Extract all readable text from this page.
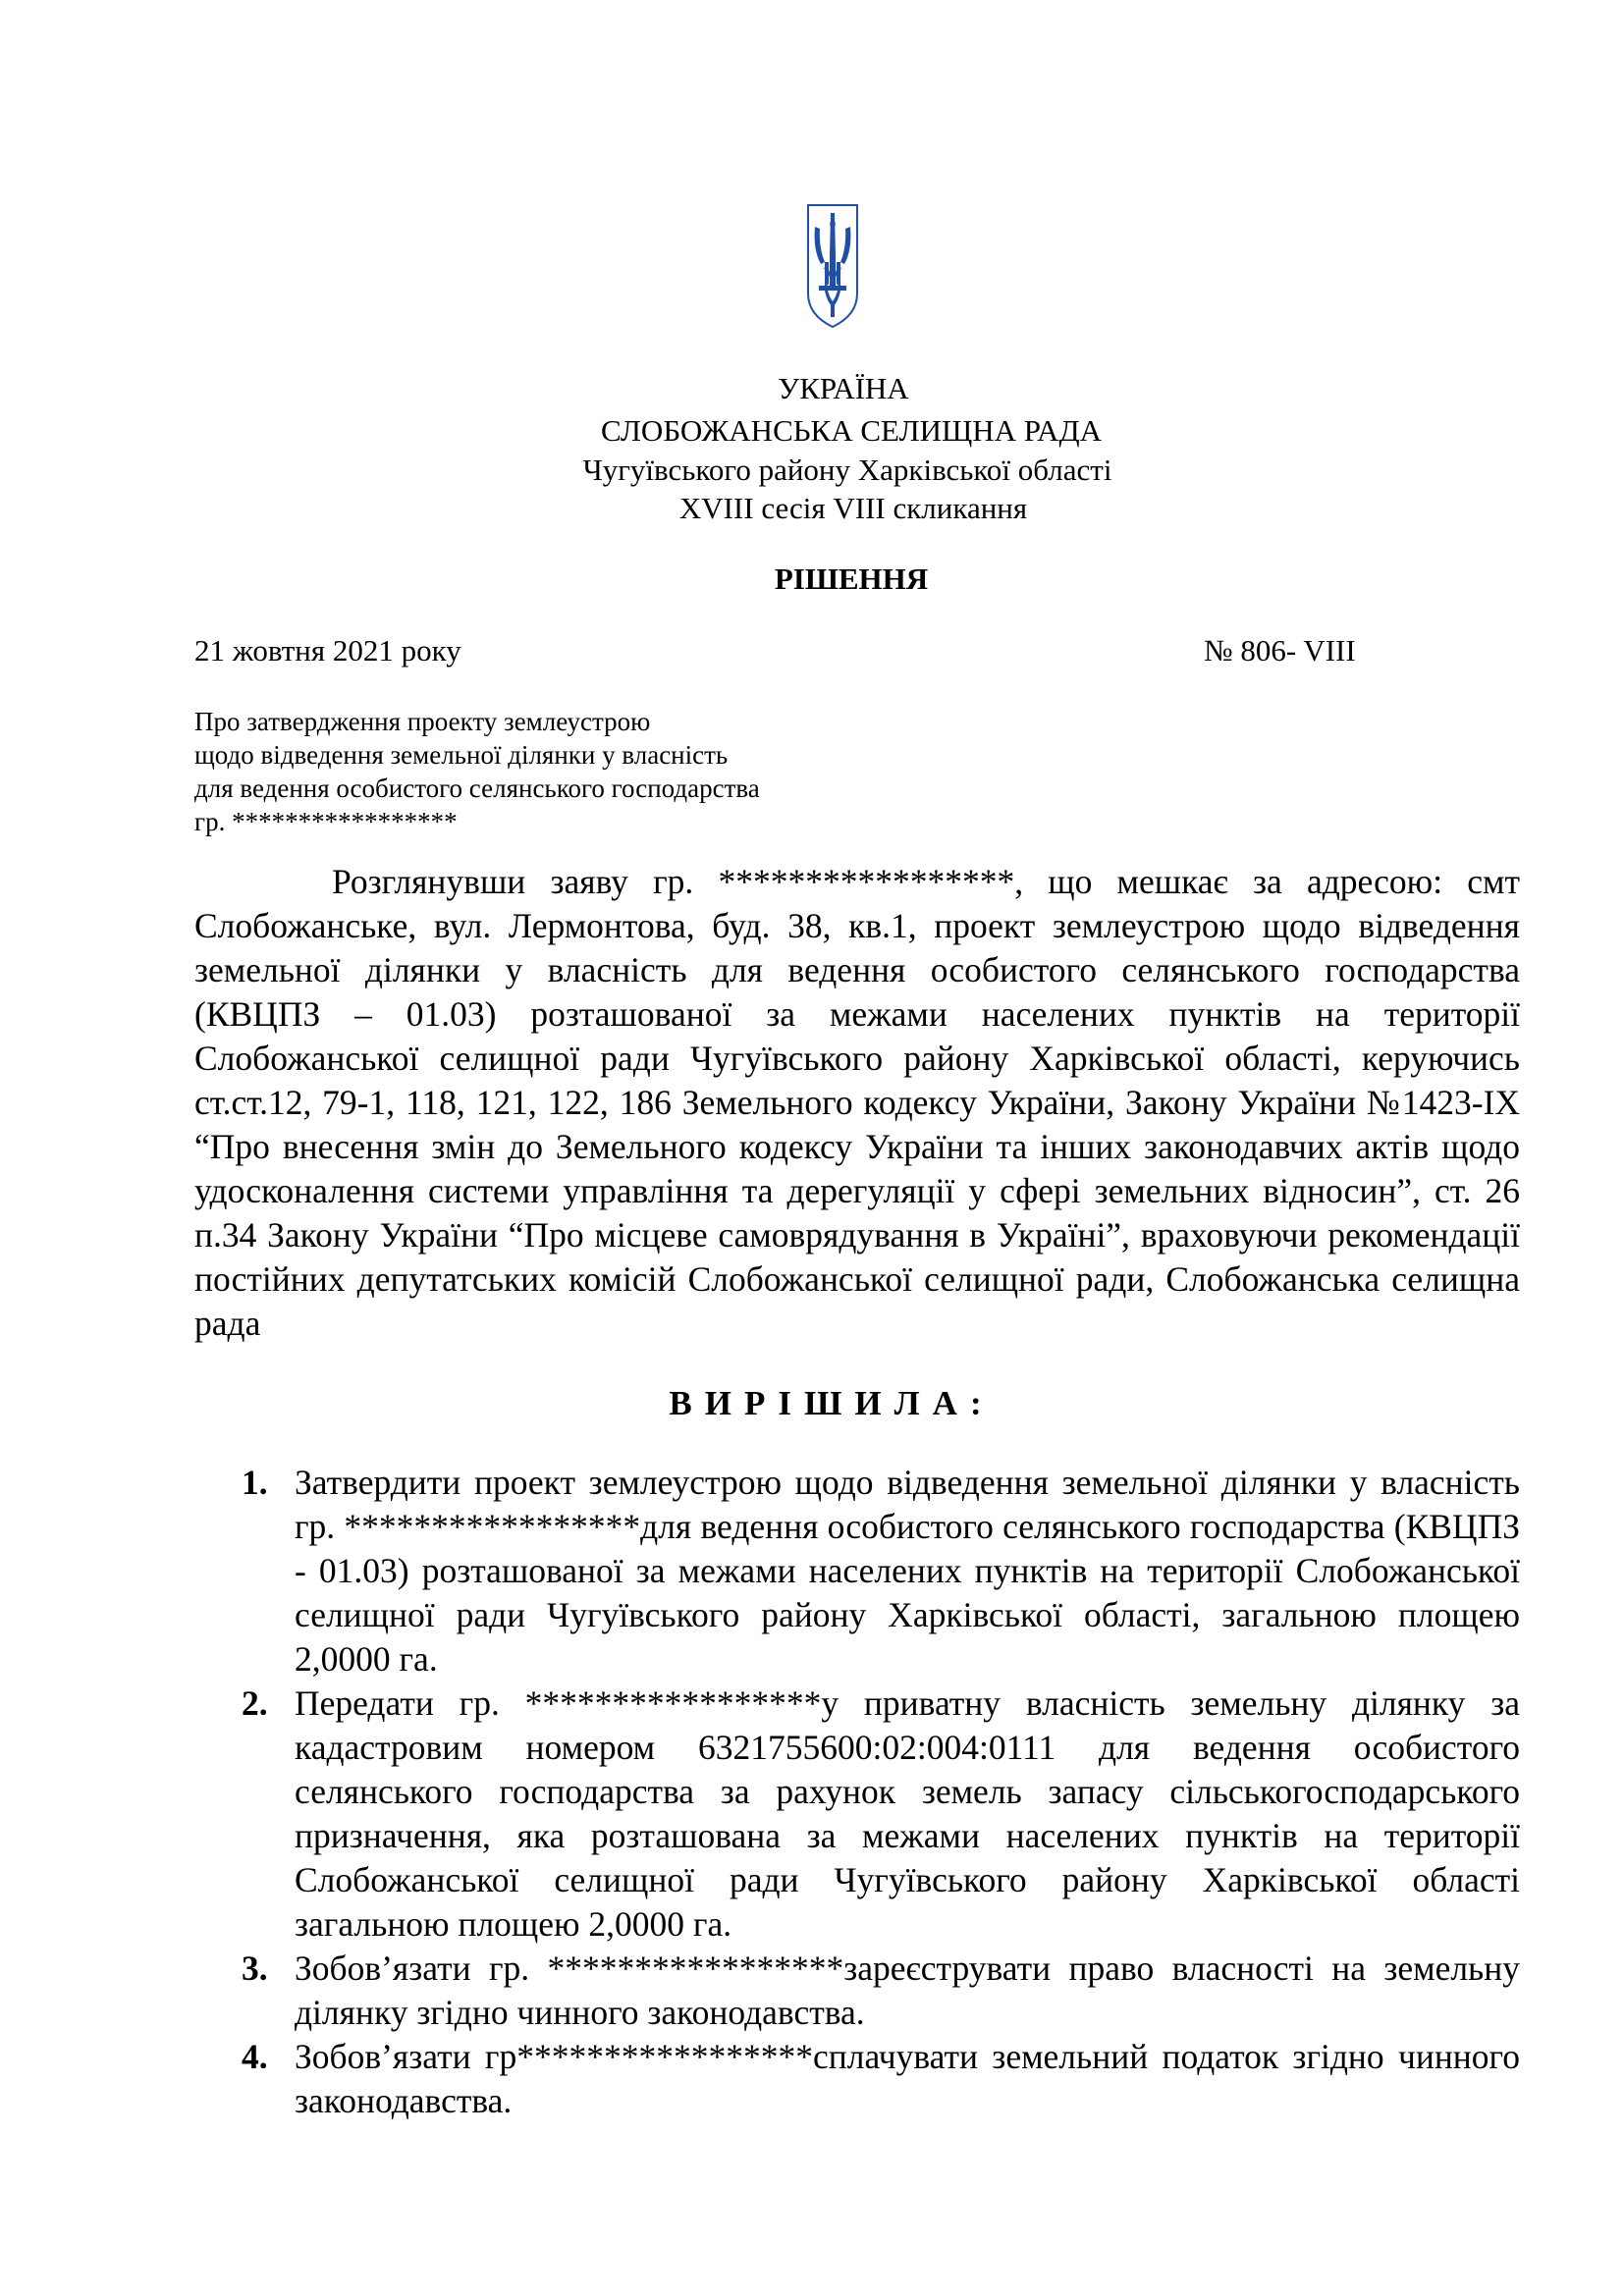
УКРАЇНА
СЛОБОЖАНСЬКА СЕЛИЩНА РАДА
Чугуївського району Харківської області
XVIII сесія VIII скликання
РІШЕННЯ
21 жовтня 2021 року	№ 806- VIII
Про затвердження проекту землеустрою
щодо відведення земельної ділянки у власність
для ведення особистого селянського господарства
гр. *****************
Розглянувши заяву гр. *****************, що мешкає за адресою: смт Слобожанське, вул. Лермонтова, буд. 38, кв.1, проект землеустрою щодо відведення земельної ділянки у власність для ведення особистого селянського господарства (КВЦПЗ – 01.03) розташованої за межами населених пунктів на території Слобожанської селищної ради Чугуївського району Харківської області, керуючись ст.ст.12, 79-1, 118, 121, 122, 186 Земельного кодексу України, Закону України №1423-ІХ “Про внесення змін до Земельного кодексу України та інших законодавчих актів щодо удосконалення системи управління та дерегуляції у сфері земельних відносин”, ст. 26 п.34 Закону України “Про місцеве самоврядування в Україні”, враховуючи рекомендації постійних депутатських комісій Слобожанської селищної ради, Слобожанська селищна рада
ВИРІШИЛА:
1. Затвердити проект землеустрою щодо відведення земельної ділянки у власність гр. *****************для ведення особистого селянського господарства (КВЦПЗ - 01.03) розташованої за межами населених пунктів на території Слобожанської селищної ради Чугуївського району Харківської області, загальною площею 2,0000 га.
2. Передати гр. *****************у приватну власність земельну ділянку за кадастровим номером 6321755600:02:004:0111 для ведення особистого селянського господарства за рахунок земель запасу сільськогосподарського призначення, яка розташована за межами населених пунктів на території Слобожанської селищної ради Чугуївського району Харківської області загальною площею 2,0000 га.
3. Зобов’язати гр. *****************зареєструвати право власності на земельну ділянку згідно чинного законодавства.
4. Зобов’язати гр*****************сплачувати земельний податок згідно чинного законодавства.
